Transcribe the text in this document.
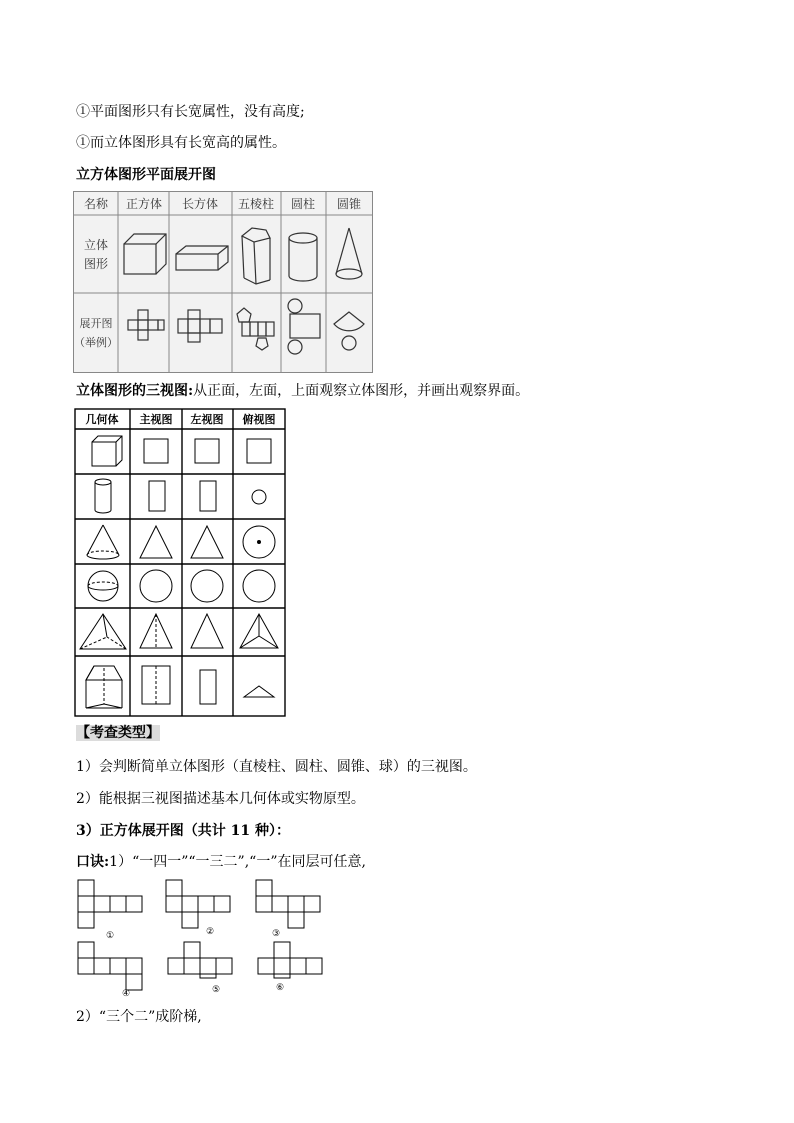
①平面图形只有长宽属性，没有高度;
①而立体图形具有长宽高的属性。
立方体图形平面展开图
名称 正方体 长方体 五棱柱 圆柱 圆锥
立体
图形
展开图
（举例）
立体图形的三视图:从正面，左面，上面观察立体图形，并画出观察界面。
几何体 主视图 左视图 俯视图
【考查类型】
1）会判断简单立体图形（直棱柱、圆柱、圆锥、球）的三视图。
2）能根据三视图描述基本几何体或实物原型。
3）正方体展开图（共计 11 种）：
口诀:1）“一四一”“一三二”,“一”在同层可任意,
①	②	③
④	⑤	⑥
2）“三个二”成阶梯,
